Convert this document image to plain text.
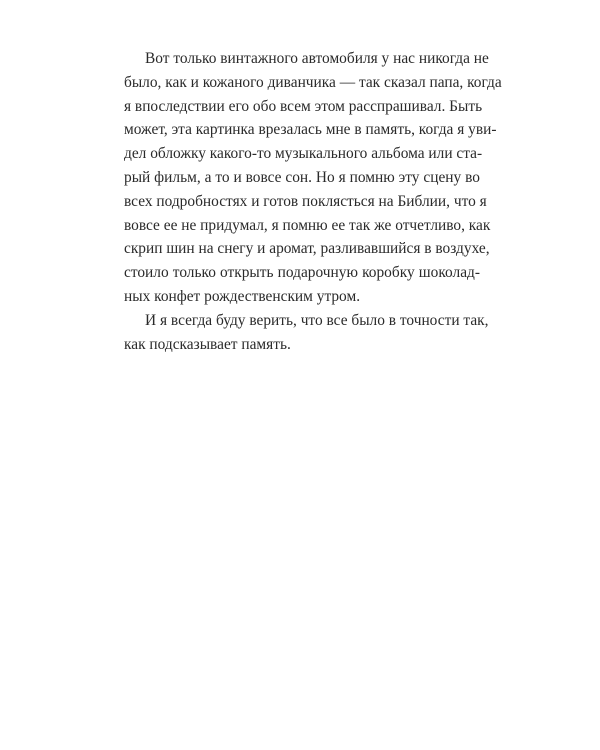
Вот только винтажного автомобиля у нас никогда не
было, как и кожаного диванчика — так сказал папа, когда
я впоследствии его обо всем этом расспрашивал. Быть
может, эта картинка врезалась мне в память, когда я уви-
дел обложку какого-то музыкального альбома или ста-
рый фильм, а то и вовсе сон. Но я помню эту сцену во
всех подробностях и готов поклясться на Библии, что я
вовсе ее не придумал, я помню ее так же отчетливо, как
скрип шин на снегу и аромат, разливавшийся в воздухе,
стоило только открыть подарочную коробку шоколад-
ных конфет рождественским утром.
И я всегда буду верить, что все было в точности так,
как подсказывает память.
